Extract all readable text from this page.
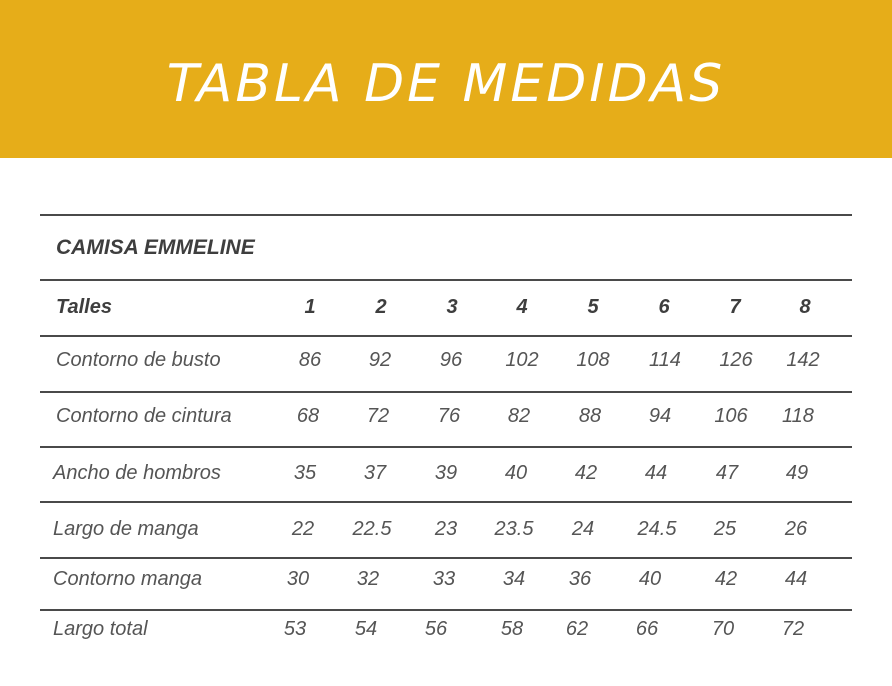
TABLA DE MEDIDAS
CAMISA EMMELINE
Talles	1	2	3	4	5	6	7	8
Contorno de busto	86	92	96	102	108	114	126	142
Contorno de cintura	68	72	76	82	88	94	106	118
Ancho de hombros	35	37	39	40	42	44	47	49
Largo de manga	22	22.5	23	23.5	24	24.5	25	26
Contorno manga	30	32	33	34	36	40	42	44
Largo total	53	54	56	58	62	66	70	72
